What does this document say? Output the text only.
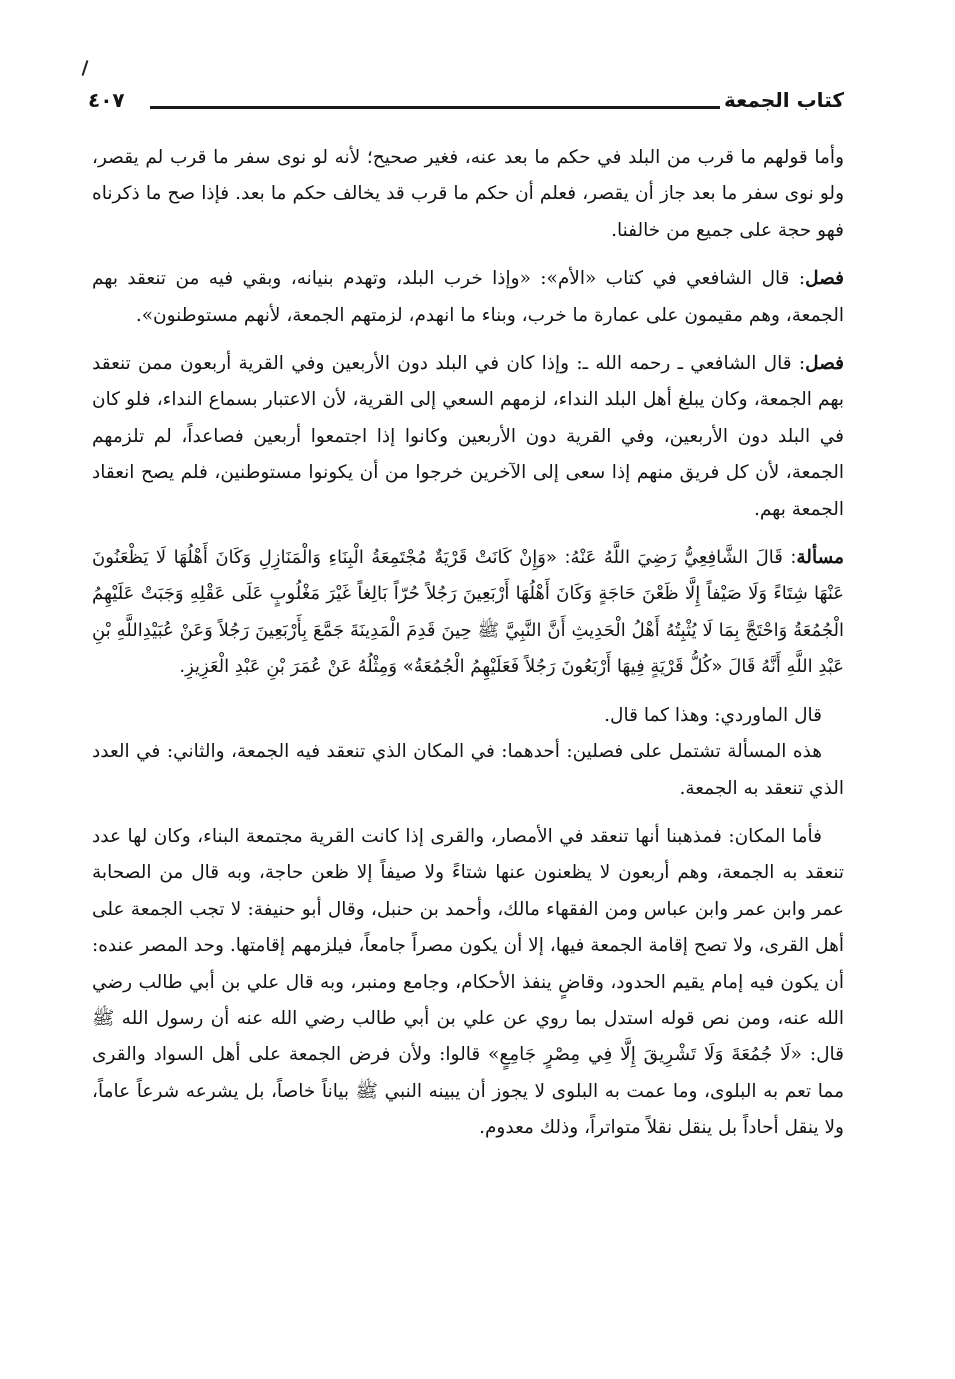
كتاب الجمعة
٤٠٧

وأما قولهم ما قرب من البلد في حكم ما بعد عنه، فغير صحيح؛ لأنه لو نوى سفر ما قرب لم يقصر، ولو نوى سفر ما بعد جاز أن يقصر، فعلم أن حكم ما قرب قد يخالف حكم ما بعد. فإذا صح ما ذكرناه فهو حجة على جميع من خالفنا.

فصل: قال الشافعي في كتاب «الأم»: «وإذا خرب البلد، وتهدم بنيانه، وبقي فيه من تنعقد بهم الجمعة، وهم مقيمون على عمارة ما خرب، وبناء ما انهدم، لزمتهم الجمعة، لأنهم مستوطنون».

فصل: قال الشافعي ـ رحمه الله ـ: وإذا كان في البلد دون الأربعين وفي القرية أربعون ممن تنعقد بهم الجمعة، وكان يبلغ أهل البلد النداء، لزمهم السعي إلى القرية، لأن الاعتبار بسماع النداء، فلو كان في البلد دون الأربعين، وفي القرية دون الأربعين وكانوا إذا اجتمعوا أربعين فصاعداً، لم تلزمهم الجمعة، لأن كل فريق منهم إذا سعى إلى الآخرين خرجوا من أن يكونوا مستوطنين، فلم يصح انعقاد الجمعة بهم.

مسألة: قَالَ الشَّافِعِيُّ رَضِيَ اللَّهُ عَنْهُ: «وَإِنْ كَانَتْ قَرْيَةٌ مُجْتَمِعَةُ الْبِنَاءِ وَالْمَنَازِلِ وَكَانَ أَهْلُهَا لَا يَظْعَنُونَ عَنْهَا شِتَاءً وَلَا صَيْفاً إِلَّا ظَعْنَ حَاجَةٍ وَكَانَ أَهْلُهَا أَرْبَعِينَ رَجُلاً حُرّاً بَالِغاً غَيْرَ مَغْلُوبٍ عَلَى عَقْلِهِ وَجَبَتْ عَلَيْهِمُ الْجُمُعَةُ وَاحْتَجَّ بِمَا لَا يُثْبِتُهُ أَهْلُ الْحَدِيثِ أَنَّ النَّبِيَّ ﷺ حِينَ قَدِمَ الْمَدِينَةَ جَمَّعَ بِأَرْبَعِينَ رَجُلاً وَعَنْ عُبَيْدِاللَّهِ بْنِ عَبْدِ اللَّهِ أَنَّهُ قَالَ «كُلُّ قَرْيَةٍ فِيهَا أَرْبَعُونَ رَجُلاً فَعَلَيْهِمُ الْجُمُعَةُ» وَمِثْلُهُ عَنْ عُمَرَ بْنِ عَبْدِ الْعَزِيزِ.

قال الماوردي: وهذا كما قال.

هذه المسألة تشتمل على فصلين: أحدهما: في المكان الذي تنعقد فيه الجمعة، والثاني: في العدد الذي تنعقد به الجمعة.

فأما المكان: فمذهبنا أنها تنعقد في الأمصار، والقرى إذا كانت القرية مجتمعة البناء، وكان لها عدد تنعقد به الجمعة، وهم أربعون لا يظعنون عنها شتاءً ولا صيفاً إلا ظعن حاجة، وبه قال من الصحابة عمر وابن عمر وابن عباس ومن الفقهاء مالك، وأحمد بن حنبل، وقال أبو حنيفة: لا تجب الجمعة على أهل القرى، ولا تصح إقامة الجمعة فيها، إلا أن يكون مصراً جامعاً، فيلزمهم إقامتها. وحد المصر عنده: أن يكون فيه إمام يقيم الحدود، وقاضٍ ينفذ الأحكام، وجامع ومنبر، وبه قال علي بن أبي طالب رضي الله عنه، ومن نص قوله استدل بما روي عن علي بن أبي طالب رضي الله عنه أن رسول الله ﷺ قال: «لَا جُمُعَةَ وَلَا تَشْرِيقَ إِلَّا فِي مِصْرٍ جَامِعٍ» قالوا: ولأن فرض الجمعة على أهل السواد والقرى مما تعم به البلوى، وما عمت به البلوى لا يجوز أن يبينه النبي ﷺ بياناً خاصاً، بل يشرعه شرعاً عاماً، ولا ينقل أحاداً بل ينقل نقلاً متواتراً، وذلك معدوم.
